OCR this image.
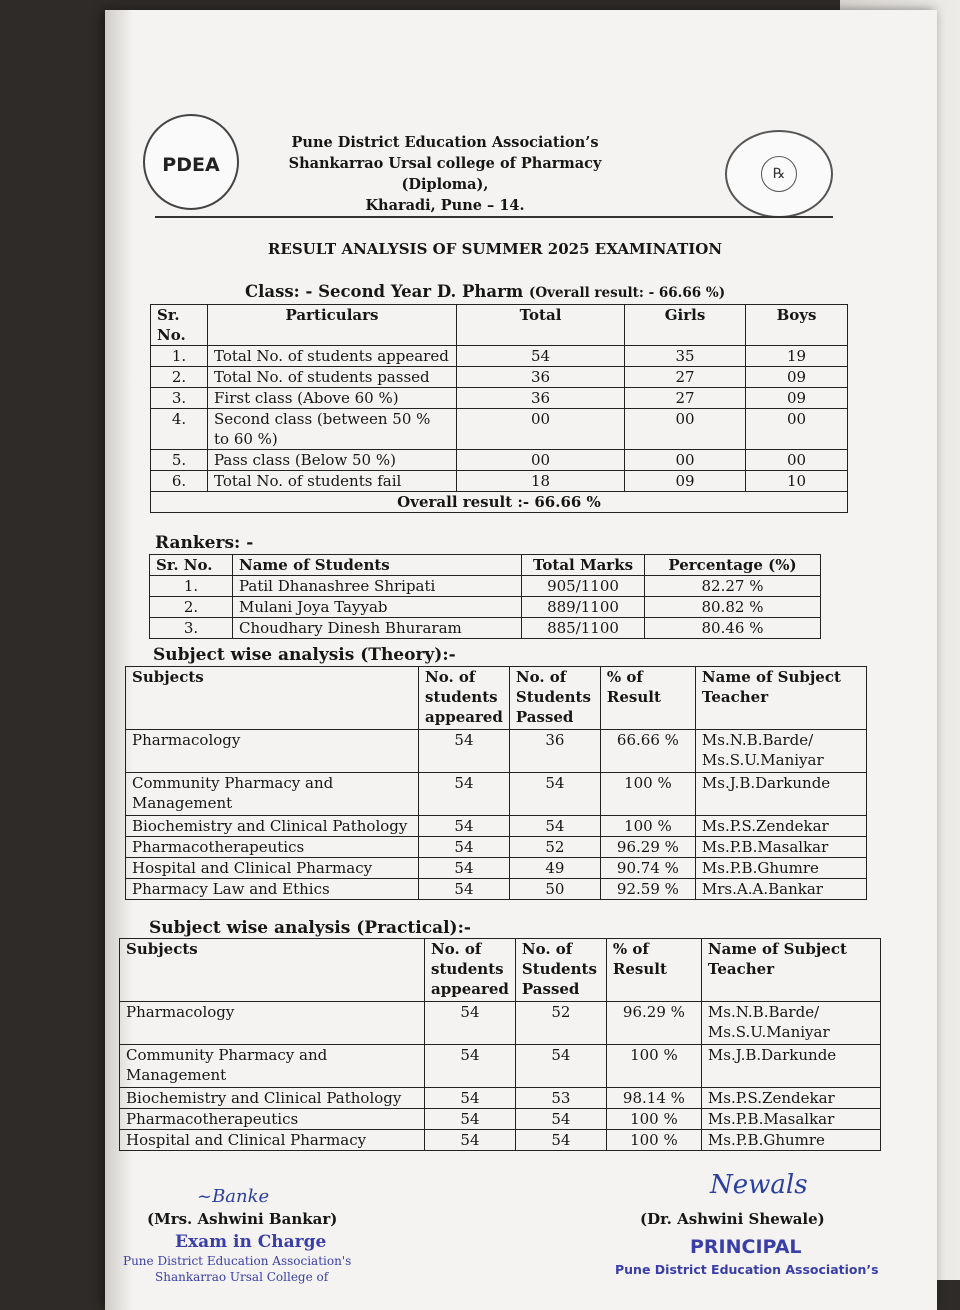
PDEA
Pune District Education Association’s
Shankarrao Ursal college of Pharmacy (Diploma),
Kharadi, Pune – 14.
℞
RESULT ANALYSIS OF SUMMER 2025 EXAMINATION
Class: - Second Year D. Pharm (Overall result: - 66.66 %)
Sr. No.	Particulars	Total	Girls	Boys
1.	Total No. of students appeared	54	35	19
2.	Total No. of students passed	36	27	09
3.	First class (Above 60 %)	36	27	09
4.	Second class (between 50 % to 60 %)	00	00	00
5.	Pass class (Below 50 %)	00	00	00
6.	Total No. of students fail	18	09	10
Overall result :- 66.66 %				
Rankers: -
Sr. No.	Name of Students	Total Marks	Percentage (%)
1.	Patil Dhanashree Shripati	905/1100	82.27 %
2.	Mulani Joya Tayyab	889/1100	80.82 %
3.	Choudhary Dinesh Bhuraram	885/1100	80.46 %
Subject wise analysis (Theory):-
Subjects	No. of students appeared	No. of Students Passed	% of Result	Name of Subject Teacher
Pharmacology	54	36	66.66 %	Ms.N.B.Barde/ Ms.S.U.Maniyar
Community Pharmacy and Management	54	54	100 %	Ms.J.B.Darkunde
Biochemistry and Clinical Pathology	54	54	100 %	Ms.P.S.Zendekar
Pharmacotherapeutics	54	52	96.29 %	Ms.P.B.Masalkar
Hospital and Clinical Pharmacy	54	49	90.74 %	Ms.P.B.Ghumre
Pharmacy Law and Ethics	54	50	92.59 %	Mrs.A.A.Bankar
Subject wise analysis (Practical):-
Subjects	No. of students appeared	No. of Students Passed	% of Result	Name of Subject Teacher
Pharmacology	54	52	96.29 %	Ms.N.B.Barde/ Ms.S.U.Maniyar
Community Pharmacy and Management	54	54	100 %	Ms.J.B.Darkunde
Biochemistry and Clinical Pathology	54	53	98.14 %	Ms.P.S.Zendekar
Pharmacotherapeutics	54	54	100 %	Ms.P.B.Masalkar
Hospital and Clinical Pharmacy	54	54	100 %	Ms.P.B.Ghumre
~Banke
(Mrs. Ashwini Bankar)
Exam in Charge
Pune District Education Association's
Shankarrao Ursal College of
Newals
(Dr. Ashwini Shewale)
PRINCIPAL
Pune District Education Association’s
